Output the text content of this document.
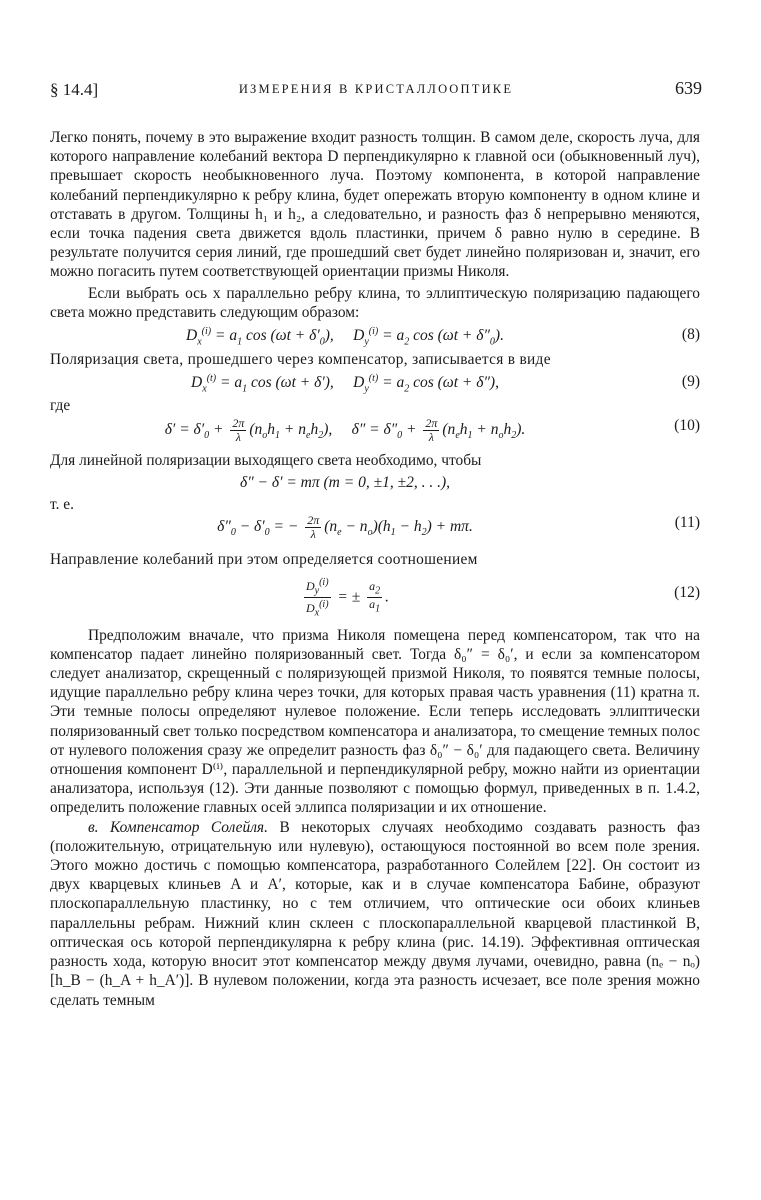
§ 14.4]	ИЗМЕРЕНИЯ В КРИСТАЛЛООПТИКЕ	639

Легко понять, почему в это выражение входит разность толщин. В самом деле, скорость луча, для которого направление колебаний вектора D перпендикулярно к главной оси (обыкновенный луч), превышает скорость необыкновенного луча. Поэтому компонента, в которой направление колебаний перпендикулярно к ребру клина, будет опережать вторую компоненту в одном клине и отставать в другом. Толщины h₁ и h₂, а следовательно, и разность фаз δ непрерывно меняются, если точка падения света движется вдоль пластинки, причем δ равно нулю в середине. В результате получится серия линий, где прошедший свет будет линейно поляризован и, значит, его можно погасить путем соответствующей ориентации призмы Николя.

Если выбрать ось x параллельно ребру клина, то эллиптическую поляризацию падающего света можно представить следующим образом:

$D_x^{(i)} = a_1$ $\cos (\omega t + \delta'_0)$,     $D_y^{(i)} = a_2$ $\cos (\omega t + \delta''_0)$.	(8)

Поляризация света, прошедшего через компенсатор, записывается в виде

$D_x^{(t)} = a_1$ cos (ωt + δ′),     $D_y^{(t)} = a_2$ cos (ωt + δ″),	(9)
где
$\delta' = \delta'_0 + \frac{2\pi}{\lambda} (n_oh_1 + n_eh_2)$,     $\delta'' = \delta''_0 + \frac{2\pi}{\lambda} (n_eh_1 + n_oh_2)$.	(10)

Для линейной поляризации выходящего света необходимо, чтобы

δ″ − δ′ = mπ (m = 0, ±1, ±2, . . .),
т. е.
$\delta''_0 - \delta'_0$ = − $\frac{2\pi}{\lambda} (n_e - n_o)(h_1 - h_2) + m\pi$.	(11)

Направление колебаний при этом определяется соотношением

$\frac{D_y^{(i)}}{D_x^{(i)}}$ = ± $\frac{a_2}{a_1}$ .	(12)

Предположим вначале, что призма Николя помещена перед компенсатором, так что на компенсатор падает линейно поляризованный свет. Тогда δ₀″ = δ₀′, и если за компенсатором следует анализатор, скрещенный с поляризующей призмой Николя, то появятся темные полосы, идущие параллельно ребру клина через точки, для которых правая часть уравнения (11) кратна π. Эти темные полосы определяют нулевое положение. Если теперь исследовать эллиптически поляризованный свет только посредством компенсатора и анализатора, то смещение темных полос от нулевого положения сразу же определит разность фаз δ₀″ − δ₀′ для падающего света. Величину отношения компонент D⁽ⁱ⁾, параллельной и перпендикулярной ребру, можно найти из ориентации анализатора, используя (12). Эти данные позволяют с помощью формул, приведенных в п. 1.4.2, определить положение главных осей эллипса поляризации и их отношение.

в. Компенсатор Солейля. В некоторых случаях необходимо создавать разность фаз (положительную, отрицательную или нулевую), остающуюся постоянной во всем поле зрения. Этого можно достичь с помощью компенсатора, разработанного Солейлем [22]. Он состоит из двух кварцевых клиньев A и A′, которые, как и в случае компенсатора Бабине, образуют плоскопараллельную пластинку, но с тем отличием, что оптические оси обоих клиньев параллельны ребрам. Нижний клин склеен с плоскопараллельной кварцевой пластинкой B, оптическая ось которой перпендикулярна к ребру клина (рис. 14.19). Эффективная оптическая разность хода, которую вносит этот компенсатор между двумя лучами, очевидно, равна (nₑ − nₒ)[h_B − (h_A + h_A′)]. В нулевом положении, когда эта разность исчезает, все поле зрения можно сделать темным
